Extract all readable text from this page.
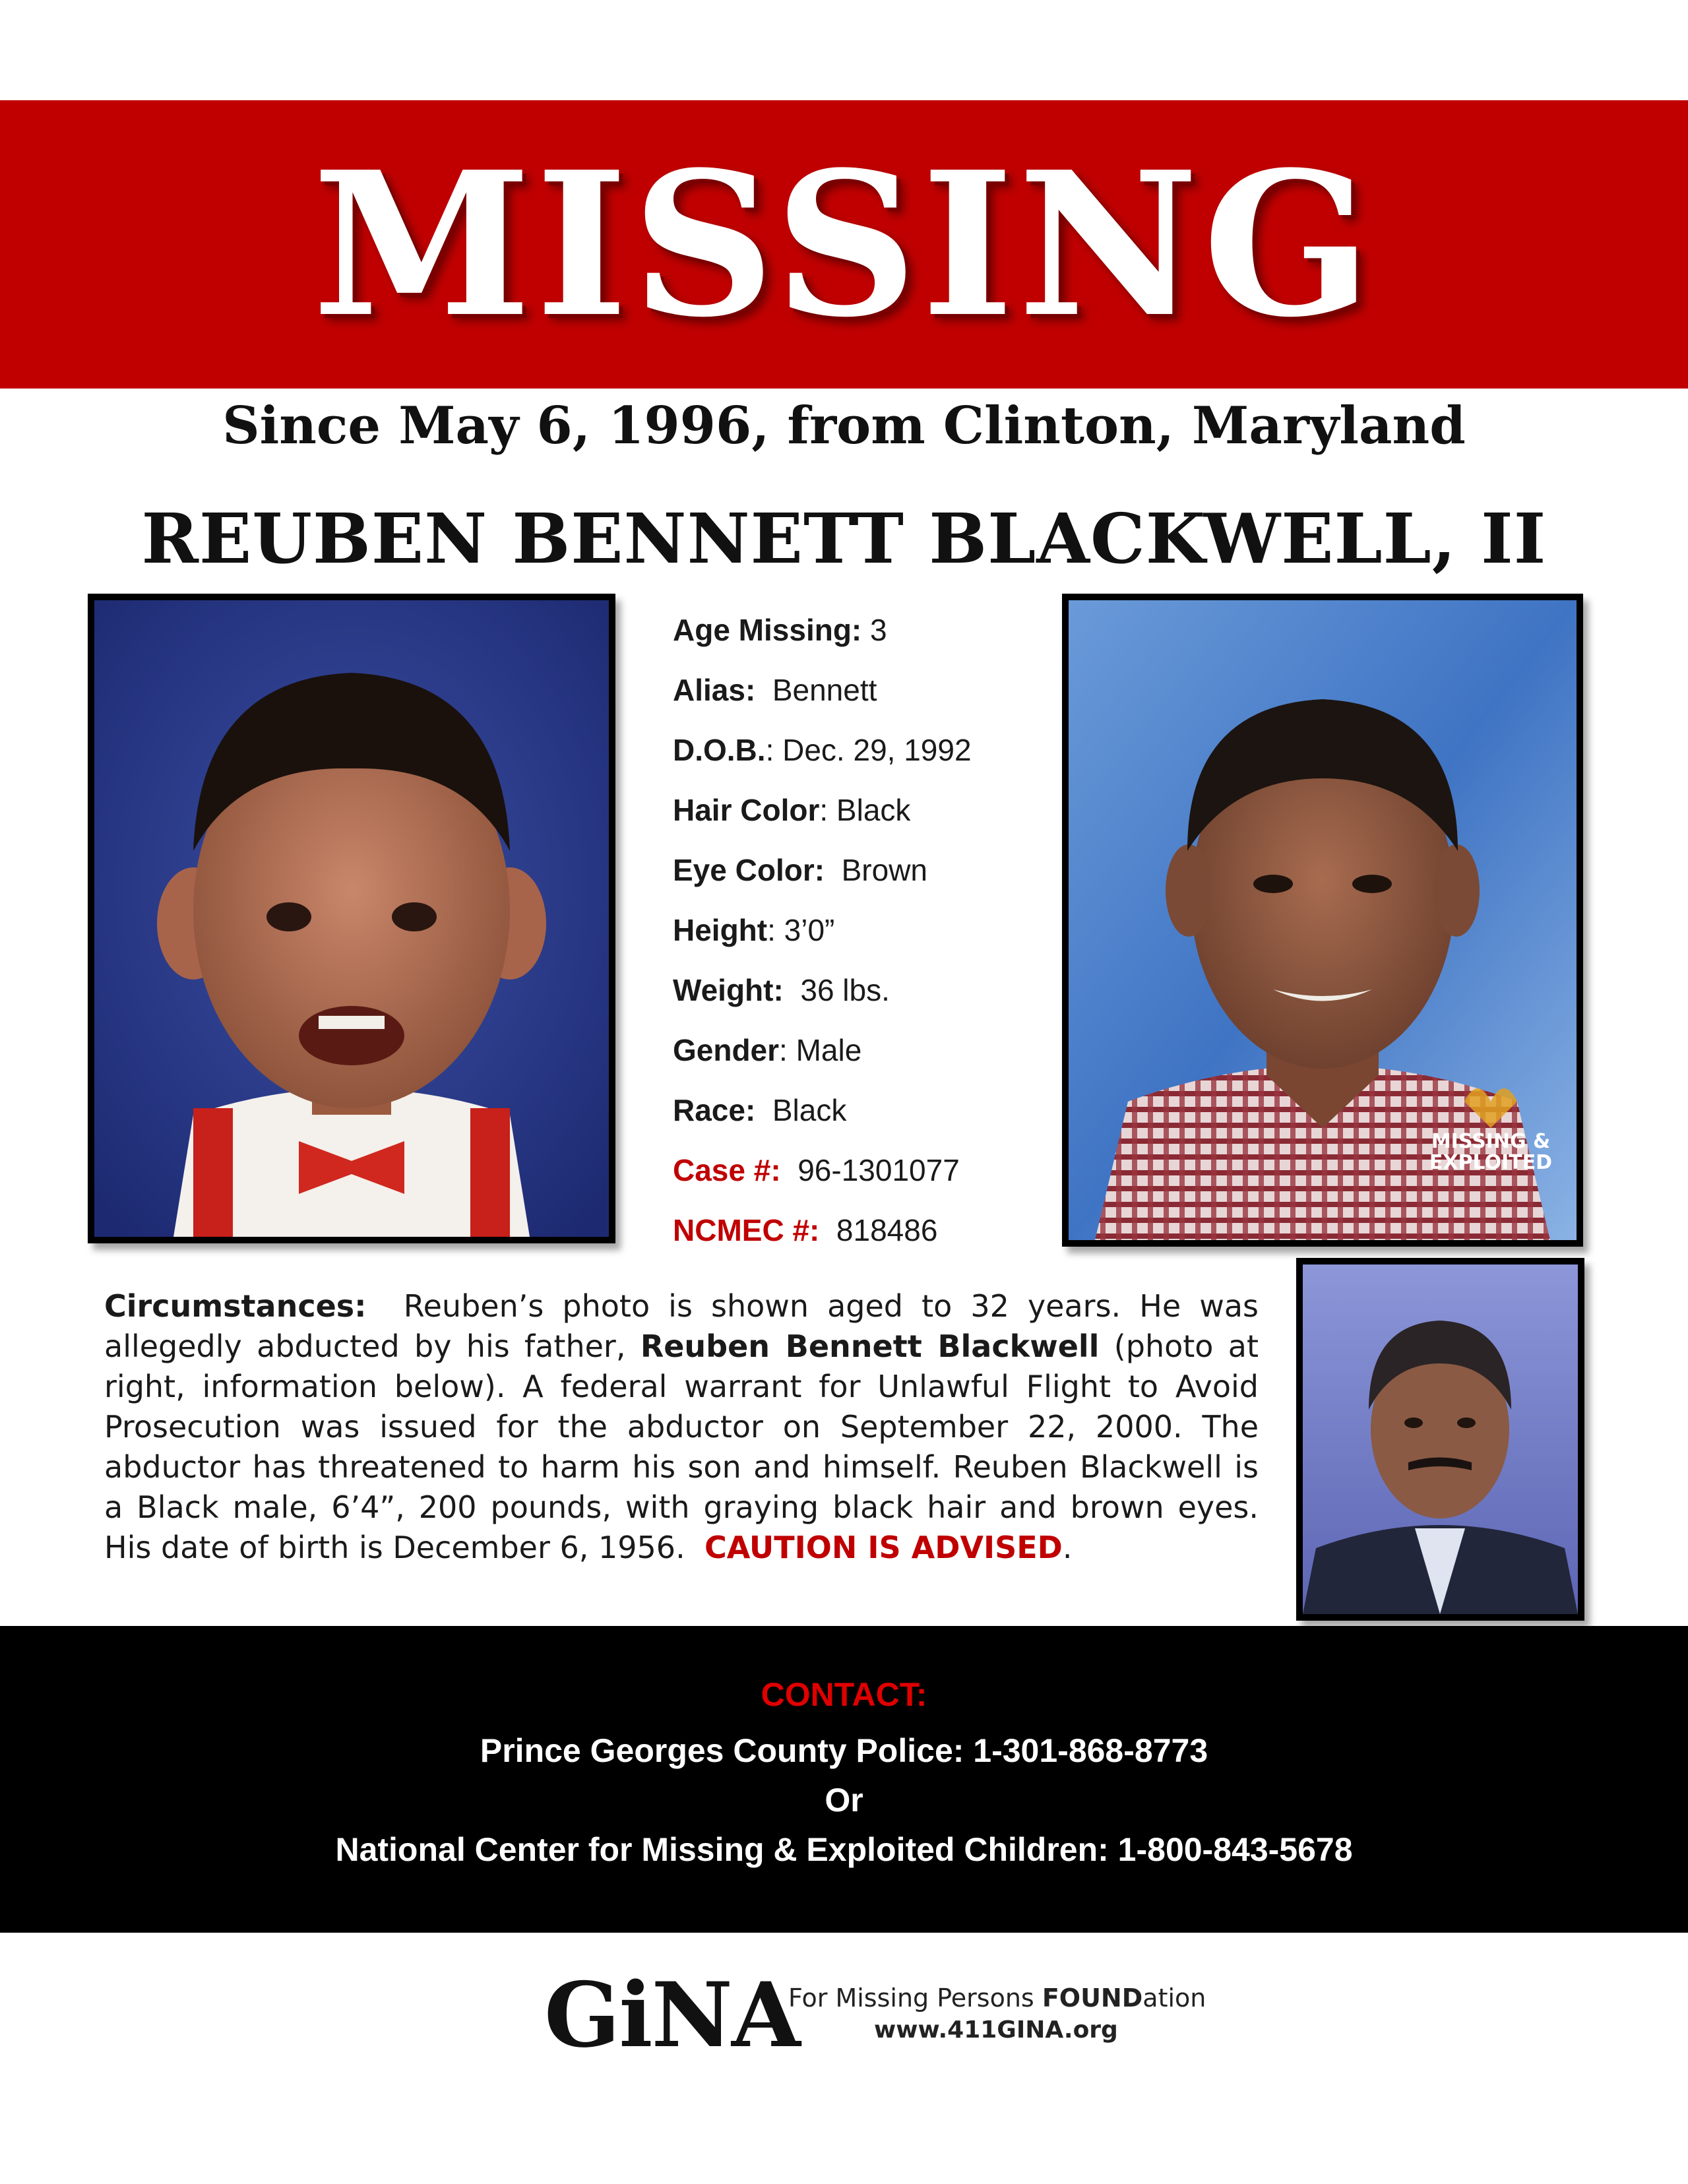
MISSING
Since May 6, 1996, from Clinton, Maryland
REUBEN BENNETT BLACKWELL, II
Age Missing: 3
Alias: Bennett
D.O.B.: Dec. 29, 1992
Hair Color: Black
Eye Color: Brown
Height: 3’0”
Weight: 36 lbs.
Gender: Male
Race: Black
Case #: 96-1301077
NCMEC #: 818486
MISSING &
EXPLOITED
Circumstances: Reuben’s photo is shown aged to 32 years. He was allegedly abducted by his father, Reuben Bennett Blackwell (photo at right, information below). A federal warrant for Unlawful Flight to Avoid Prosecution was issued for the abductor on September 22, 2000. The abductor has threatened to harm his son and himself. Reuben Blackwell is a Black male, 6’4”, 200 pounds, with graying black hair and brown eyes. His date of birth is December 6, 1956. CAUTION IS ADVISED.
CONTACT:
Prince Georges County Police: 1-301-868-8773
Or
National Center for Missing & Exploited Children: 1-800-843-5678
GiNA
For Missing Persons FOUNDation
www.411GINA.org
